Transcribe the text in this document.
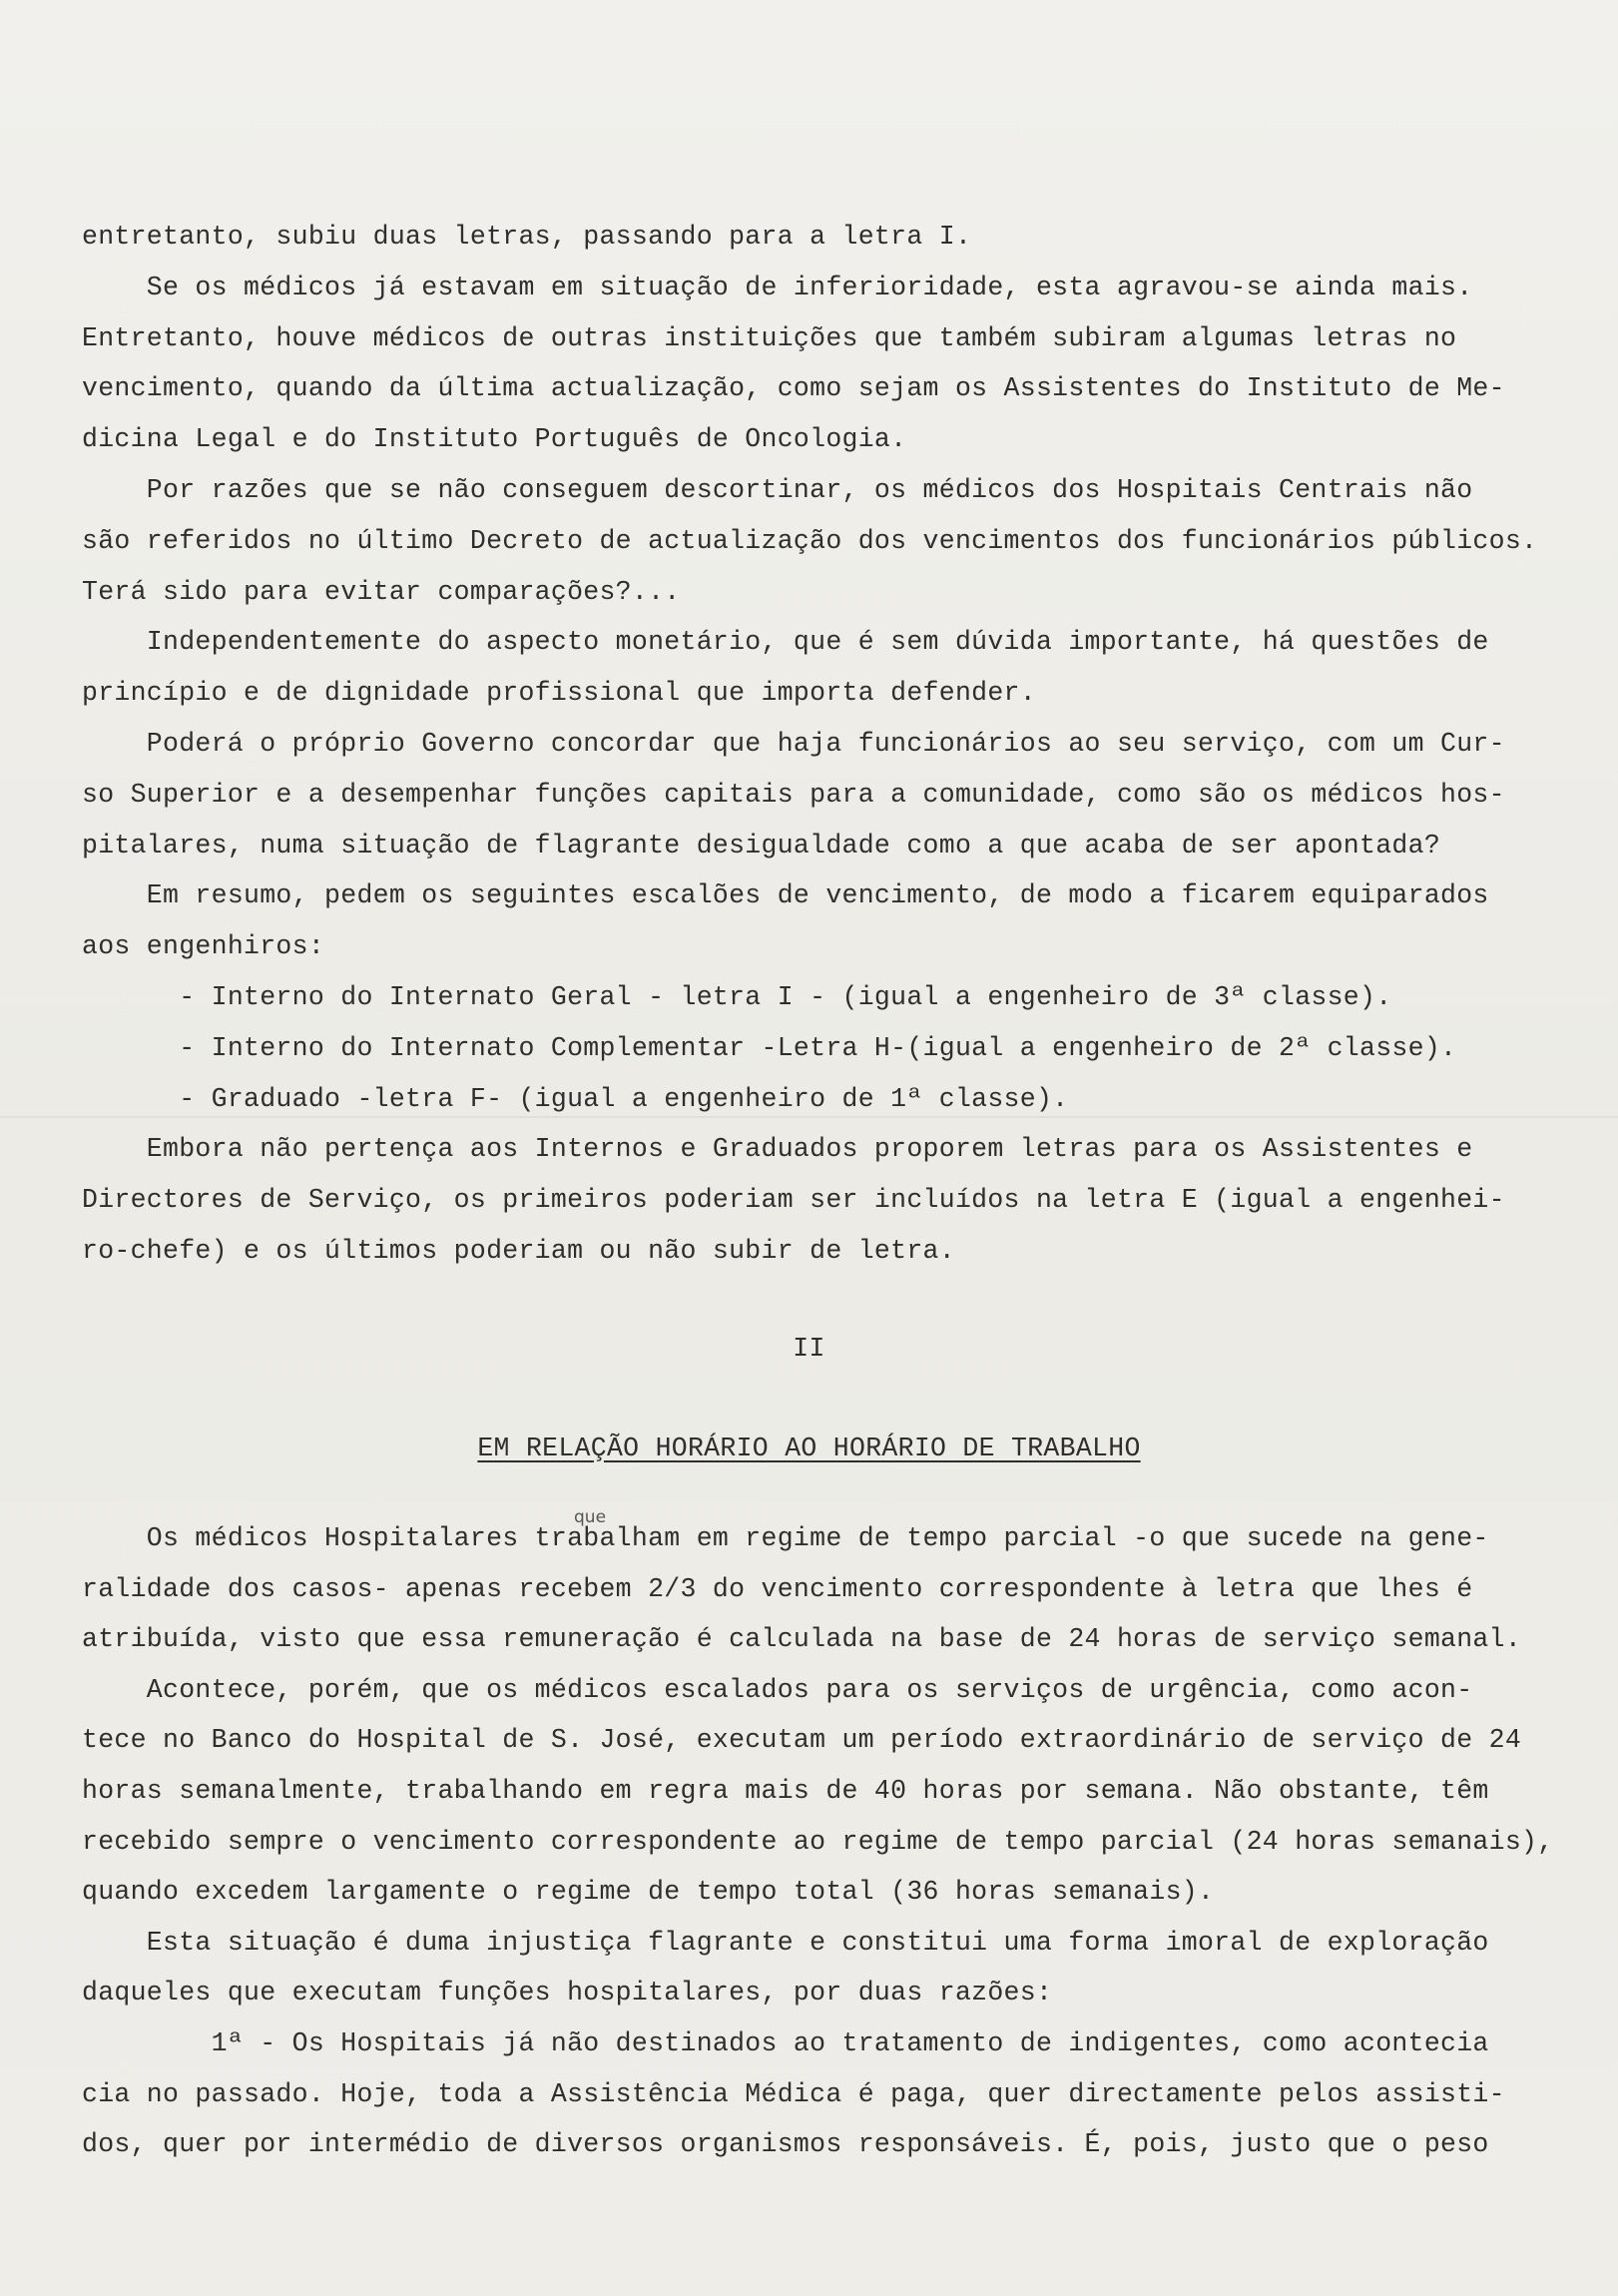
entretanto, subiu duas letras, passando para a letra I.
Se os médicos já estavam em situação de inferioridade, esta agravou-se ainda mais.
Entretanto, houve médicos de outras instituições que também subiram algumas letras no
vencimento, quando da última actualização, como sejam os Assistentes do Instituto de Me-
dicina Legal e do Instituto Português de Oncologia.
Por razões que se não conseguem descortinar, os médicos dos Hospitais Centrais não
são referidos no último Decreto de actualização dos vencimentos dos funcionários públicos.
Terá sido para evitar comparações?...
Independentemente do aspecto monetário, que é sem dúvida importante, há questões de
princípio e de dignidade profissional que importa defender.
Poderá o próprio Governo concordar que haja funcionários ao seu serviço, com um Cur-
so Superior e a desempenhar funções capitais para a comunidade, como são os médicos hos-
pitalares, numa situação de flagrante desigualdade como a que acaba de ser apontada?
Em resumo, pedem os seguintes escalões de vencimento, de modo a ficarem equiparados
aos engenhiros:
- Interno do Internato Geral - letra I - (igual a engenheiro de 3ª classe).
- Interno do Internato Complementar -Letra H-(igual a engenheiro de 2ª classe).
- Graduado -letra F- (igual a engenheiro de 1ª classe).
Embora não pertença aos Internos e Graduados proporem letras para os Assistentes e
Directores de Serviço, os primeiros poderiam ser incluídos na letra E (igual a engenhei-
ro-chefe) e os últimos poderiam ou não subir de letra.
II
EM RELAÇÃO HORÁRIO AO HORÁRIO DE TRABALHO
Os médicos Hospitalares trabalham em regime de tempo parcial -o que sucede na gene-
ralidade dos casos- apenas recebem 2/3 do vencimento correspondente à letra que lhes é
atribuída, visto que essa remuneração é calculada na base de 24 horas de serviço semanal.
Acontece, porém, que os médicos escalados para os serviços de urgência, como acon-
tece no Banco do Hospital de S. José, executam um período extraordinário de serviço de 24
horas semanalmente, trabalhando em regra mais de 40 horas por semana. Não obstante, têm
recebido sempre o vencimento correspondente ao regime de tempo parcial (24 horas semanais),
quando excedem largamente o regime de tempo total (36 horas semanais).
Esta situação é duma injustiça flagrante e constitui uma forma imoral de exploração
daqueles que executam funções hospitalares, por duas razões:
1ª - Os Hospitais já não destinados ao tratamento de indigentes, como acontecia
cia no passado. Hoje, toda a Assistência Médica é paga, quer directamente pelos assisti-
dos, quer por intermédio de diversos organismos responsáveis. É, pois, justo que o peso
que
